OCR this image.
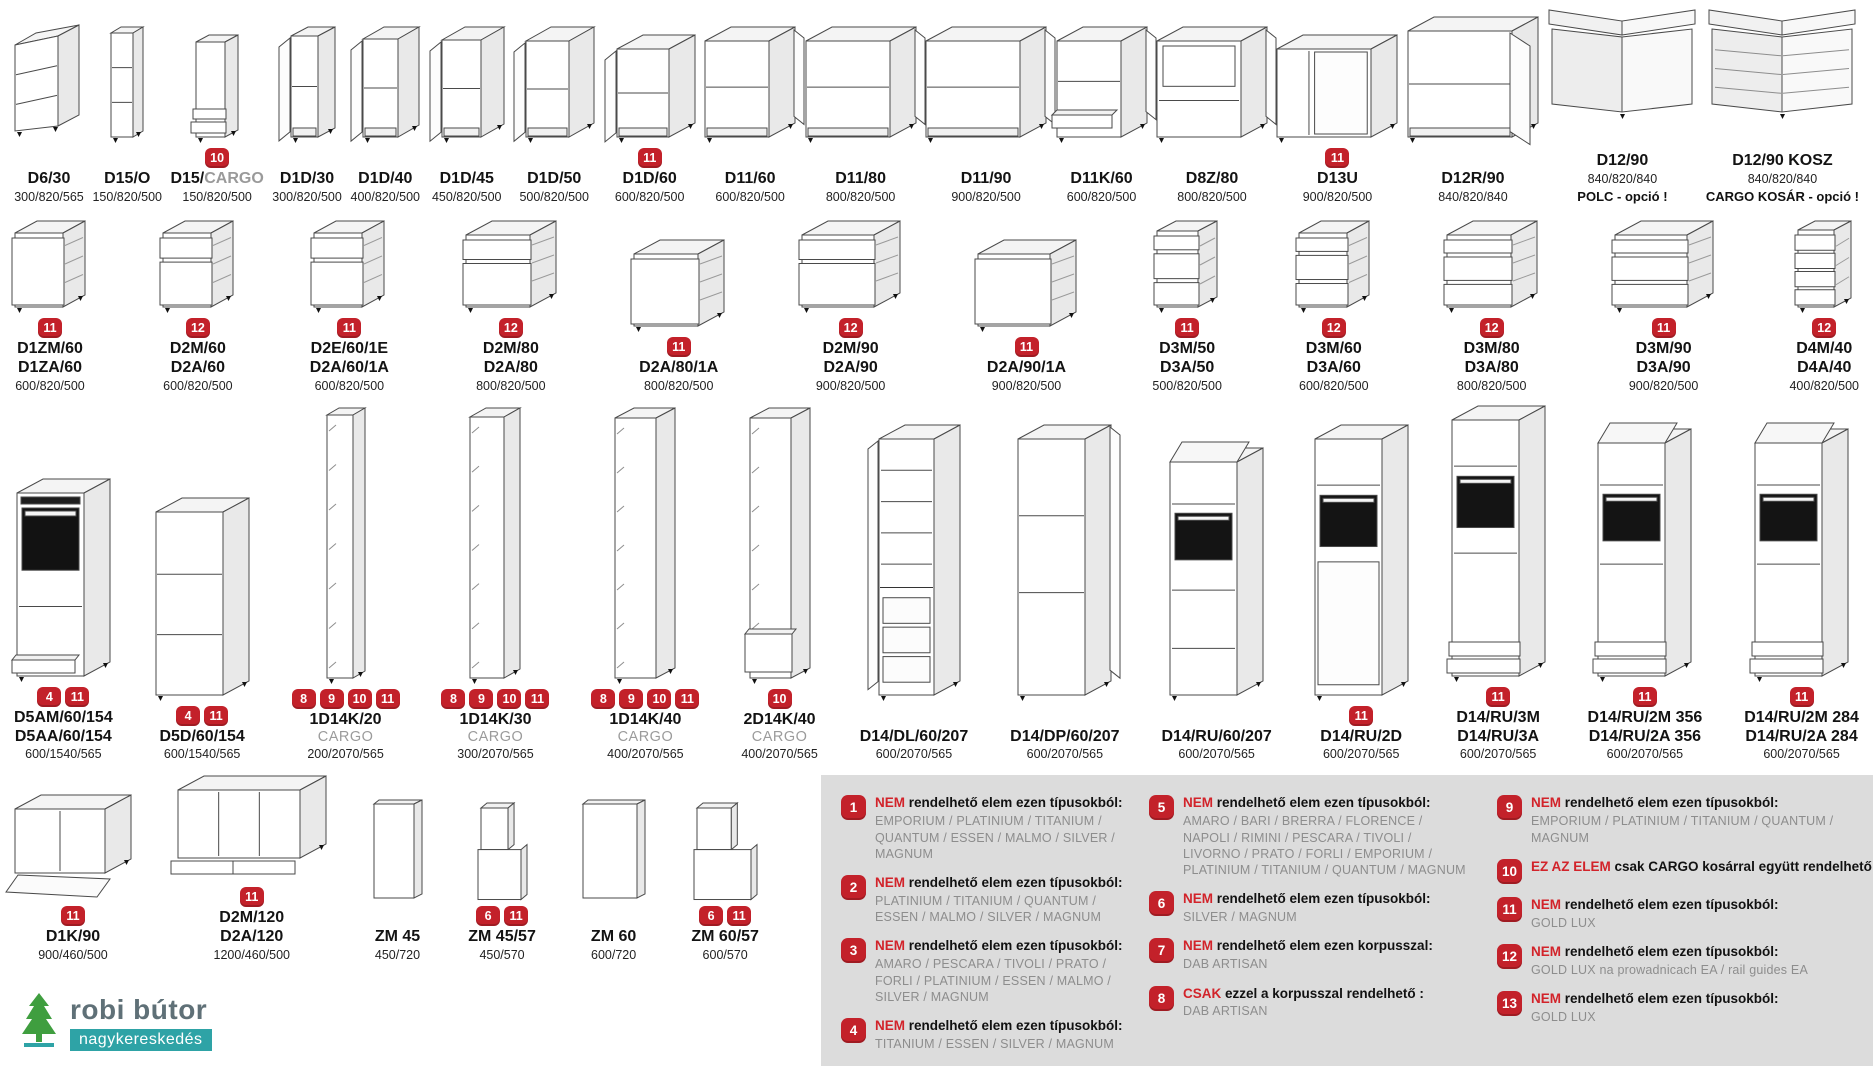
D6/30
300/820/565
D15/O
150/820/500
10
D15/CARGO
150/820/500
D1D/30
300/820/500
D1D/40
400/820/500
D1D/45
450/820/500
D1D/50
500/820/500
11
D1D/60
600/820/500
D11/60
600/820/500
D11/80
800/820/500
D11/90
900/820/500
D11K/60
600/820/500
D8Z/80
800/820/500
11
D13U
900/820/500
D12R/90
840/820/840
D12/90
840/820/840
POLC - opció !
D12/90 KOSZ
840/820/840
CARGO KOSÁR - opció !
11
D1ZM/60
D1ZA/60
600/820/500
12
D2M/60
D2A/60
600/820/500
11
D2E/60/1E
D2A/60/1A
600/820/500
12
D2M/80
D2A/80
800/820/500
11
D2A/80/1A
800/820/500
12
D2M/90
D2A/90
900/820/500
11
D2A/90/1A
900/820/500
11
D3M/50
D3A/50
500/820/500
12
D3M/60
D3A/60
600/820/500
12
D3M/80
D3A/80
800/820/500
11
D3M/90
D3A/90
900/820/500
12
D4M/40
D4A/40
400/820/500
4	11
D5AM/60/154
D5AA/60/154
600/1540/565
4	11
D5D/60/154
600/1540/565
8	9	10	11
1D14K/20
CARGO
200/2070/565
8	9	10	11
1D14K/30
CARGO
300/2070/565
8	9	10	11
1D14K/40
CARGO
400/2070/565
10
2D14K/40
CARGO
400/2070/565
D14/DL/60/207
600/2070/565
D14/DP/60/207
600/2070/565
D14/RU/60/207
600/2070/565
11
D14/RU/2D
600/2070/565
11
D14/RU/3M
D14/RU/3A
600/2070/565
11
D14/RU/2M 356
D14/RU/2A 356
600/2070/565
11
D14/RU/2M 284
D14/RU/2A 284
600/2070/565
11
D1K/90
900/460/500
11
D2M/120
D2A/120
1200/460/500
ZM 45
450/720
6	11
ZM 45/57
450/570
ZM 60
600/720
6	11
ZM 60/57
600/570
robi bútor
nagykereskedés
1	NEM rendelhető elem ezen típusokból:
EMPORIUM / PLATINIUM / TITANIUM / QUANTUM / ESSEN / MALMO / SILVER / MAGNUM
2	NEM rendelhető elem ezen típusokból:
PLATINIUM / TITANIUM / QUANTUM / ESSEN / MALMO / SILVER / MAGNUM
3	NEM rendelhető elem ezen típusokból:
AMARO / PESCARA / TIVOLI / PRATO / FORLI / PLATINIUM / ESSEN / MALMO / SILVER / MAGNUM
4	NEM rendelhető elem ezen típusokból:
TITANIUM / ESSEN / SILVER / MAGNUM
5	NEM rendelhető elem ezen típusokból:
AMARO / BARI / BRERRA / FLORENCE / NAPOLI / RIMINI / PESCARA / TIVOLI / LIVORNO / PRATO / FORLI / EMPORIUM / PLATINIUM / TITANIUM / QUANTUM / MAGNUM
6	NEM rendelhető elem ezen típusokból:
SILVER / MAGNUM
7	NEM rendelhető elem ezen korpusszal:
DAB ARTISAN
8	CSAK ezzel a korpusszal rendelhető :
DAB ARTISAN
9	NEM rendelhető elem ezen típusokból:
EMPORIUM / PLATINIUM / TITANIUM / QUANTUM / MAGNUM
10	EZ AZ ELEM csak CARGO kosárral együtt rendelhető
11	NEM rendelhető elem ezen típusokból:
GOLD LUX
12	NEM rendelhető elem ezen típusokból:
GOLD LUX na prowadnicach EA / rail guides EA
13	NEM rendelhető elem ezen típusokból:
GOLD LUX
